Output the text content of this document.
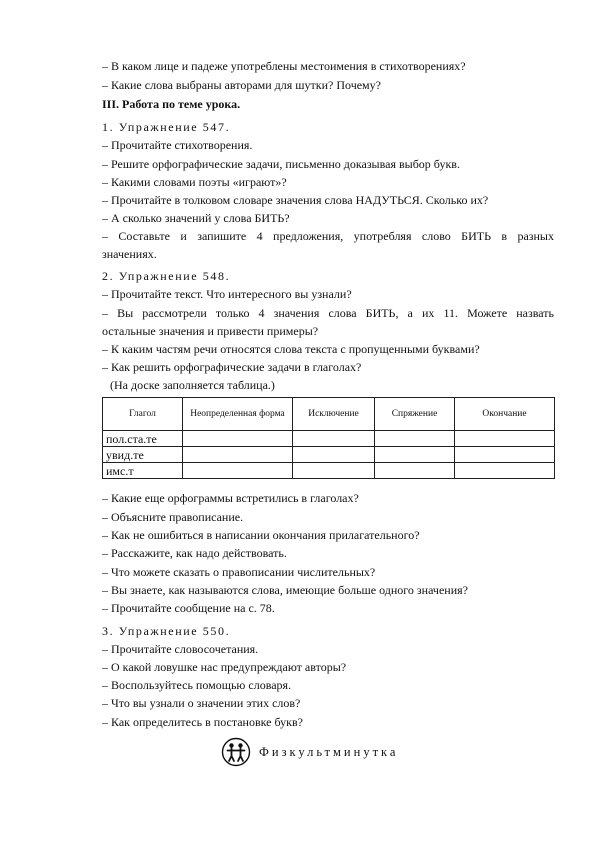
– В каком лице и падеже употреблены местоимения в стихотворениях?
– Какие слова выбраны авторами для шутки? Почему?
III. Работа по теме урока.
1. Упражнение 547.
– Прочитайте стихотворения.
– Решите орфографические задачи, письменно доказывая выбор букв.
– Какими словами поэты «играют»?
– Прочитайте в толковом словаре значения слова НАДУТЬСЯ. Сколько их?
– А сколько значений у слова БИТЬ?
– Составьте и запишите 4 предложения, употребляя слово БИТЬ в разных
значениях.
2. Упражнение 548.
– Прочитайте текст. Что интересного вы узнали?
– Вы рассмотрели только 4 значения слова БИТЬ, а их 11. Можете назвать
остальные значения и привести примеры?
– К каким частям речи относятся слова текста с пропущенными буквами?
– Как решить орфографические задачи в глаголах?
(На доске заполняется таблица.)
Глагол	Неопределенная форма	Исключение	Спряжение	Окончание
пол.ста.те				
увид.те				
имс.т				
– Какие еще орфограммы встретились в глаголах?
– Объясните правописание.
– Как не ошибиться в написании окончания прилагательного?
– Расскажите, как надо действовать.
– Что можете сказать о правописании числительных?
– Вы знаете, как называются слова, имеющие больше одного значения?
– Прочитайте сообщение на с. 78.
3. Упражнение 550.
– Прочитайте словосочетания.
– О какой ловушке нас предупреждают авторы?
– Воспользуйтесь помощью словаря.
– Что вы узнали о значении этих слов?
– Как определитесь в постановке букв?
Физкультминутка
